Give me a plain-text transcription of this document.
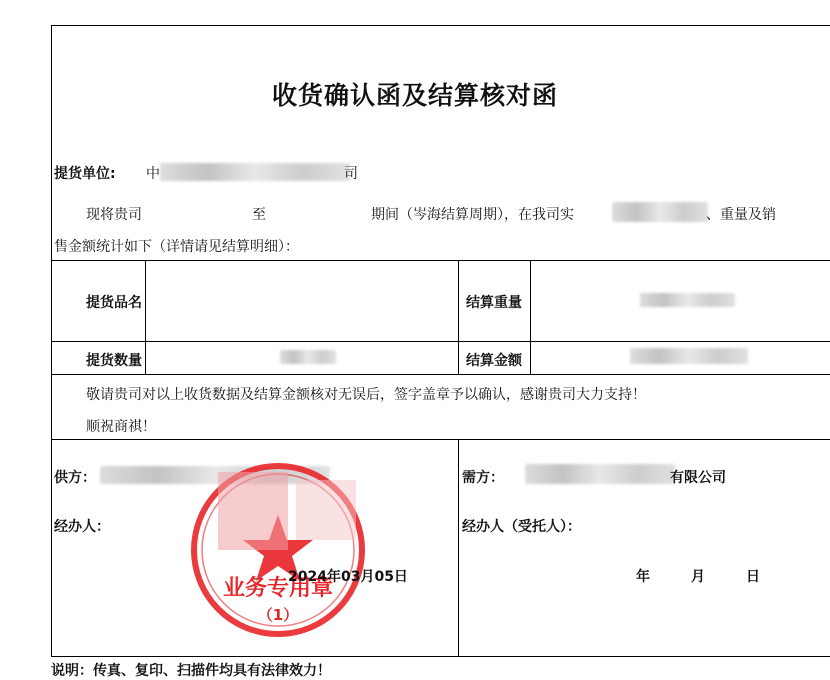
收货确认函及结算核对函
提货单位: 中	司
现将贵司	至	期间（岑海结算周期），在我司实	、重量及销
售金额统计如下（详情请见结算明细）：
提货品名	结算重量
提货数量	结算金额
敬请贵司对以上收货数据及结算金额核对无误后，签字盖章予以确认，感谢贵司大力支持！
顺祝商祺！
供方：
经办人：
2024年03月05日
业务专用章
（1）
需方：	有限公司
经办人（受托人）：
年	月	日
说明：传真、复印、扫描件均具有法律效力！
